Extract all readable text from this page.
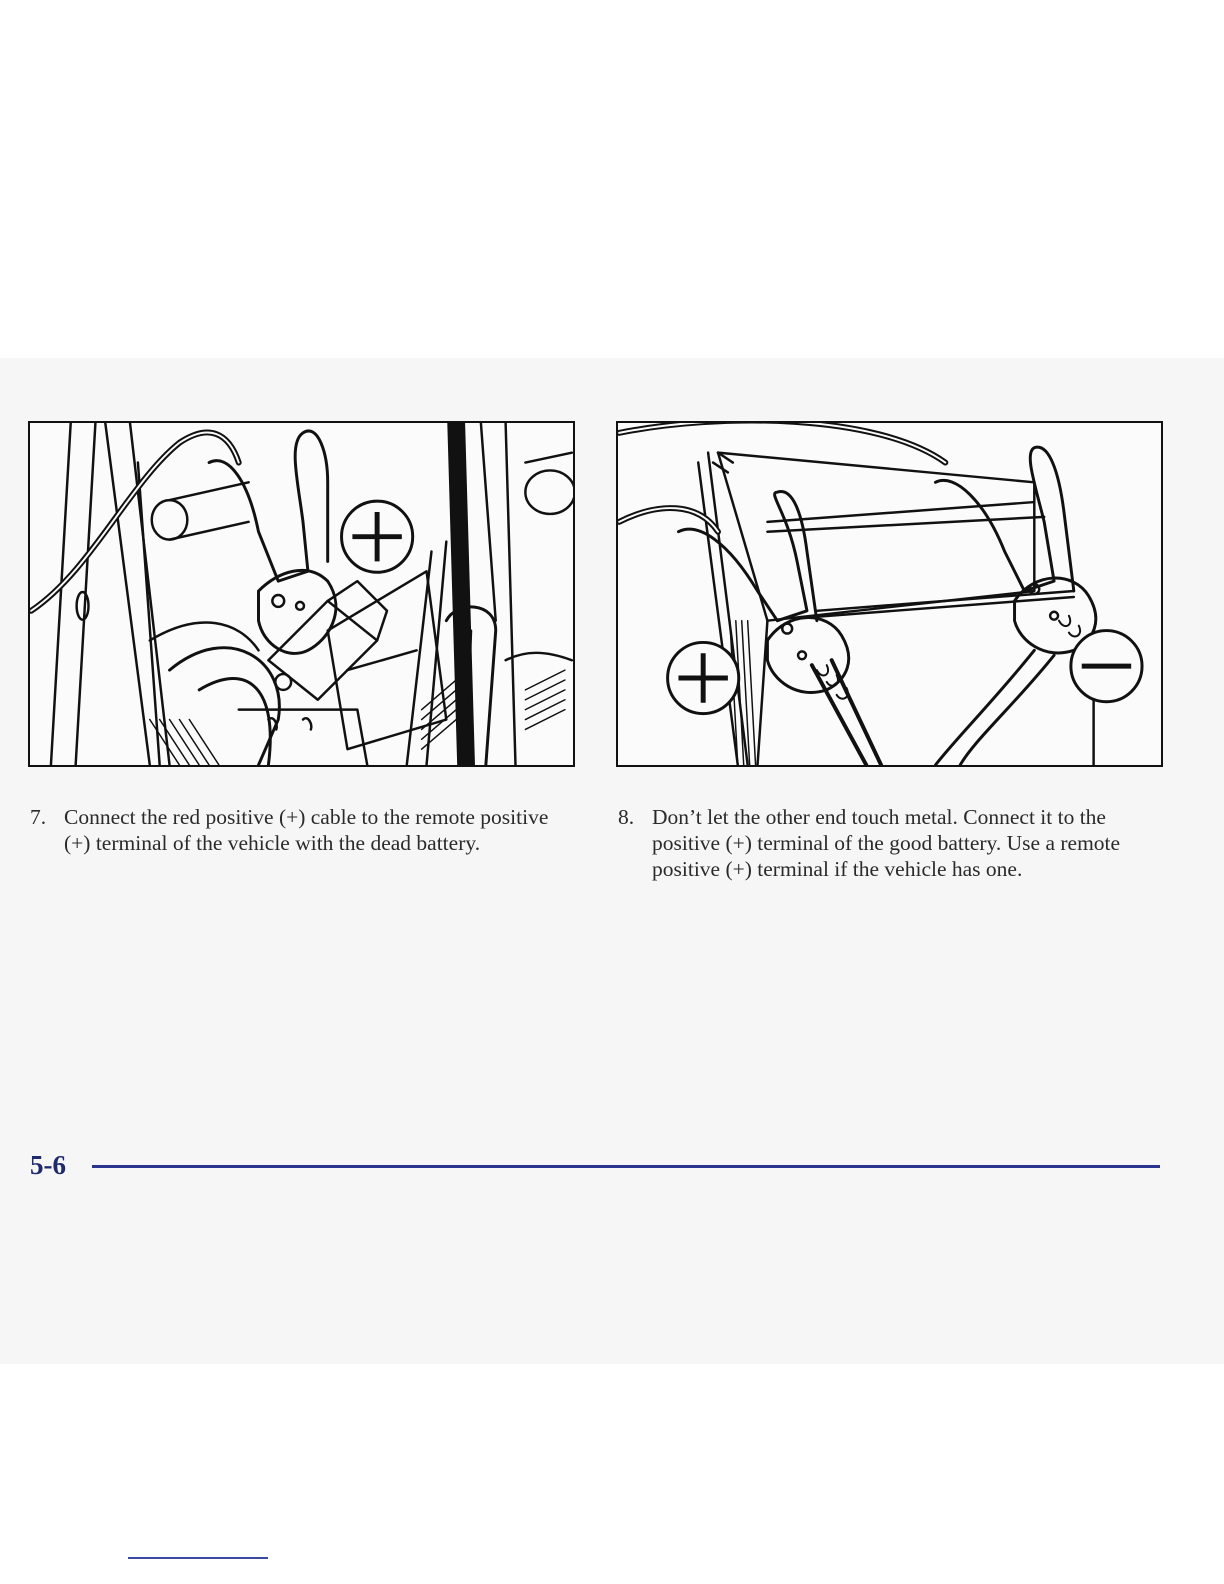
7. Connect the red positive (+) cable to the remote positive (+) terminal of the vehicle with the dead battery.
8. Don’t let the other end touch metal. Connect it to the positive (+) terminal of the good battery. Use a remote positive (+) terminal if the vehicle has one.
5-6
